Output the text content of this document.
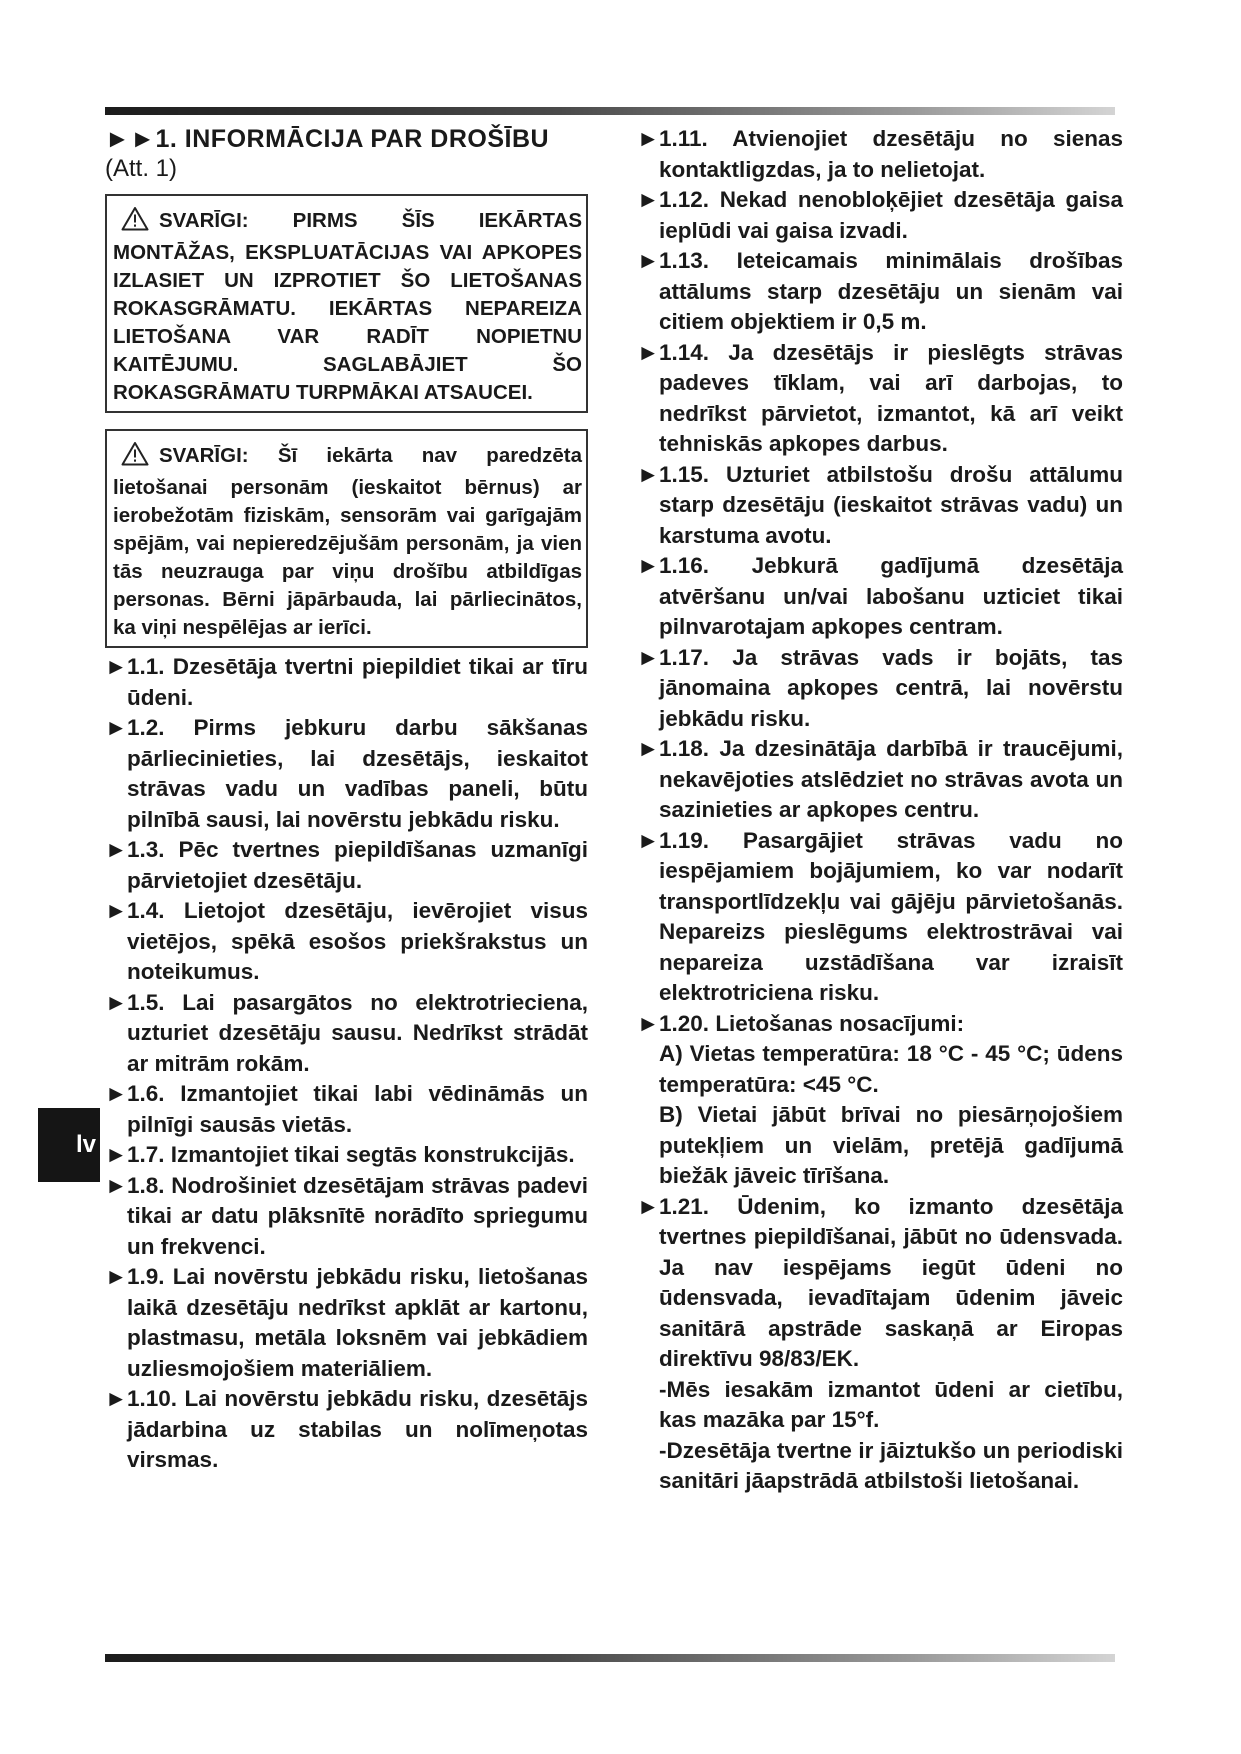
lv
►►1. INFORMĀCIJA PAR DROŠĪBU
(Att. 1)
SVARĪGI: PIRMS ŠĪS IEKĀRTAS MONTĀŽAS, EKSPLUATĀCIJAS VAI APKOPES IZLASIET UN IZPROTIET ŠO LIETOŠANAS ROKASGRĀMATU. IEKĀRTAS NEPAREIZA LIETOŠANA VAR RADĪT NOPIETNU KAITĒJUMU. SAGLABĀJIET ŠO ROKASGRĀMATU TURPMĀKAI ATSAUCEI.
SVARĪGI: Šī iekārta nav paredzēta lietošanai personām (ieskaitot bērnus) ar ierobežotām fiziskām, sensorām vai garīgajām spējām, vai nepieredzējušām personām, ja vien tās neuzrauga par viņu drošību atbildīgas personas. Bērni jāpārbauda, lai pārliecinātos, ka viņi nespēlējas ar ierīci.
► 1.1. Dzesētāja tvertni piepildiet tikai ar tīru ūdeni.
► 1.2. Pirms jebkuru darbu sākšanas pārliecinieties, lai dzesētājs, ieskaitot strāvas vadu un vadības paneli, būtu pilnībā sausi, lai novērstu jebkādu risku.
► 1.3. Pēc tvertnes piepildīšanas uzmanīgi pārvietojiet dzesētāju.
► 1.4. Lietojot dzesētāju, ievērojiet visus vietējos, spēkā esošos priekšrakstus un noteikumus.
► 1.5. Lai pasargātos no elektrotrieciena, uzturiet dzesētāju sausu. Nedrīkst strādāt ar mitrām rokām.
► 1.6. Izmantojiet tikai labi vēdināmās un pilnīgi sausās vietās.
► 1.7. Izmantojiet tikai segtās konstrukcijās.
► 1.8. Nodrošiniet dzesētājam strāvas padevi tikai ar datu plāksnītē norādīto spriegumu un frekvenci.
► 1.9. Lai novērstu jebkādu risku, lietošanas laikā dzesētāju nedrīkst apklāt ar kartonu, plastmasu, metāla loksnēm vai jebkādiem uzliesmojošiem materiāliem.
► 1.10. Lai novērstu jebkādu risku, dzesētājs jādarbina uz stabilas un nolīmeņotas virsmas.
► 1.11. Atvienojiet dzesētāju no sienas kontaktligzdas, ja to nelietojat.
► 1.12. Nekad nenobloķējiet dzesētāja gaisa ieplūdi vai gaisa izvadi.
► 1.13. Ieteicamais minimālais drošības attālums starp dzesētāju un sienām vai citiem objektiem ir 0,5 m.
► 1.14. Ja dzesētājs ir pieslēgts strāvas padeves tīklam, vai arī darbojas, to nedrīkst pārvietot, izmantot, kā arī veikt tehniskās apkopes darbus.
► 1.15. Uzturiet atbilstošu drošu attālumu starp dzesētāju (ieskaitot strāvas vadu) un karstuma avotu.
► 1.16. Jebkurā gadījumā dzesētāja atvēršanu un/vai labošanu uzticiet tikai pilnvarotajam apkopes centram.
► 1.17. Ja strāvas vads ir bojāts, tas jānomaina apkopes centrā, lai novērstu jebkādu risku.
► 1.18. Ja dzesinātāja darbībā ir traucējumi, nekavējoties atslēdziet no strāvas avota un sazinieties ar apkopes centru.
► 1.19. Pasargājiet strāvas vadu no iespējamiem bojājumiem, ko var nodarīt transportlīdzekļu vai gājēju pārvietošanās. Nepareizs pieslēgums elektrostrāvai vai nepareiza uzstādīšana var izraisīt elektrotriciena risku.
► 1.20. Lietošanas nosacījumi:
A) Vietas temperatūra: 18 °C - 45 °C; ūdens temperatūra: <45 °C.
B) Vietai jābūt brīvai no piesārņojošiem putekļiem un vielām, pretējā gadījumā biežāk jāveic tīrīšana.
► 1.21. Ūdenim, ko izmanto dzesētāja tvertnes piepildīšanai, jābūt no ūdensvada. Ja nav iespējams iegūt ūdeni no ūdensvada, ievadītajam ūdenim jāveic sanitārā apstrāde saskaņā ar Eiropas direktīvu 98/83/EK.
-Mēs iesakām izmantot ūdeni ar cietību, kas mazāka par 15°f.
-Dzesētāja tvertne ir jāiztukšo un periodiski sanitāri jāapstrādā atbilstoši lietošanai.
